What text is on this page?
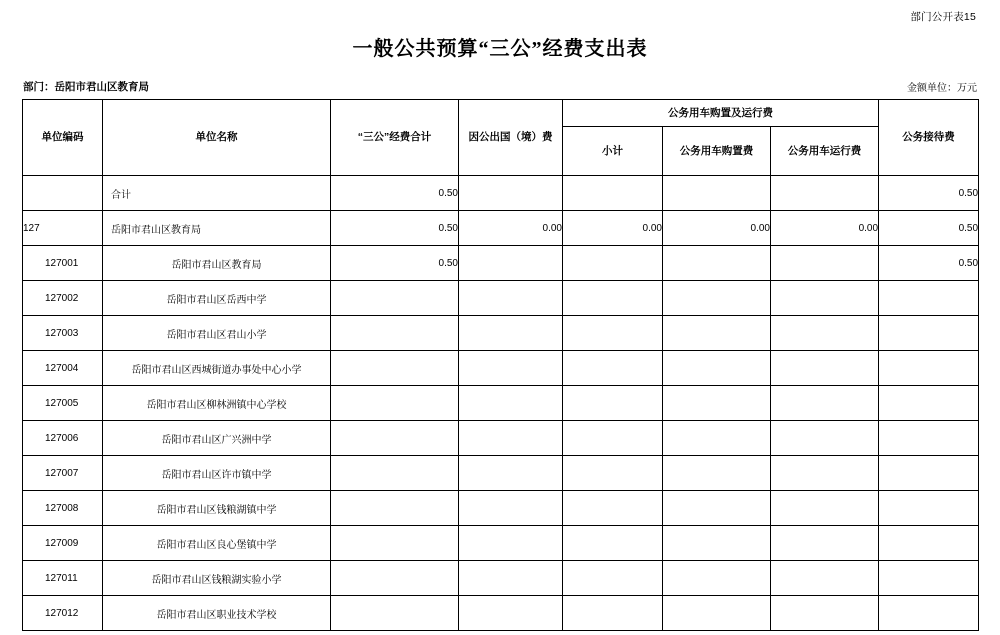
部门公开表15
一般公共预算“三公”经费支出表
部门：岳阳市君山区教育局	金额单位：万元
单位编码	单位名称	“三公”经费合计	因公出国（境）费	公务用车购置及运行费			公务接待费
				小计	公务用车购置费	公务用车运行费	
	合计	0.50					0.50
127	岳阳市君山区教育局	0.50	0.00	0.00	0.00	0.00	0.50
127001	岳阳市君山区教育局	0.50					0.50
127002	岳阳市君山区岳西中学						
127003	岳阳市君山区君山小学						
127004	岳阳市君山区西城街道办事处中心小学						
127005	岳阳市君山区柳林洲镇中心学校						
127006	岳阳市君山区广兴洲中学						
127007	岳阳市君山区许市镇中学						
127008	岳阳市君山区钱粮湖镇中学						
127009	岳阳市君山区良心堡镇中学						
127011	岳阳市君山区钱粮湖实验小学						
127012	岳阳市君山区职业技术学校						
